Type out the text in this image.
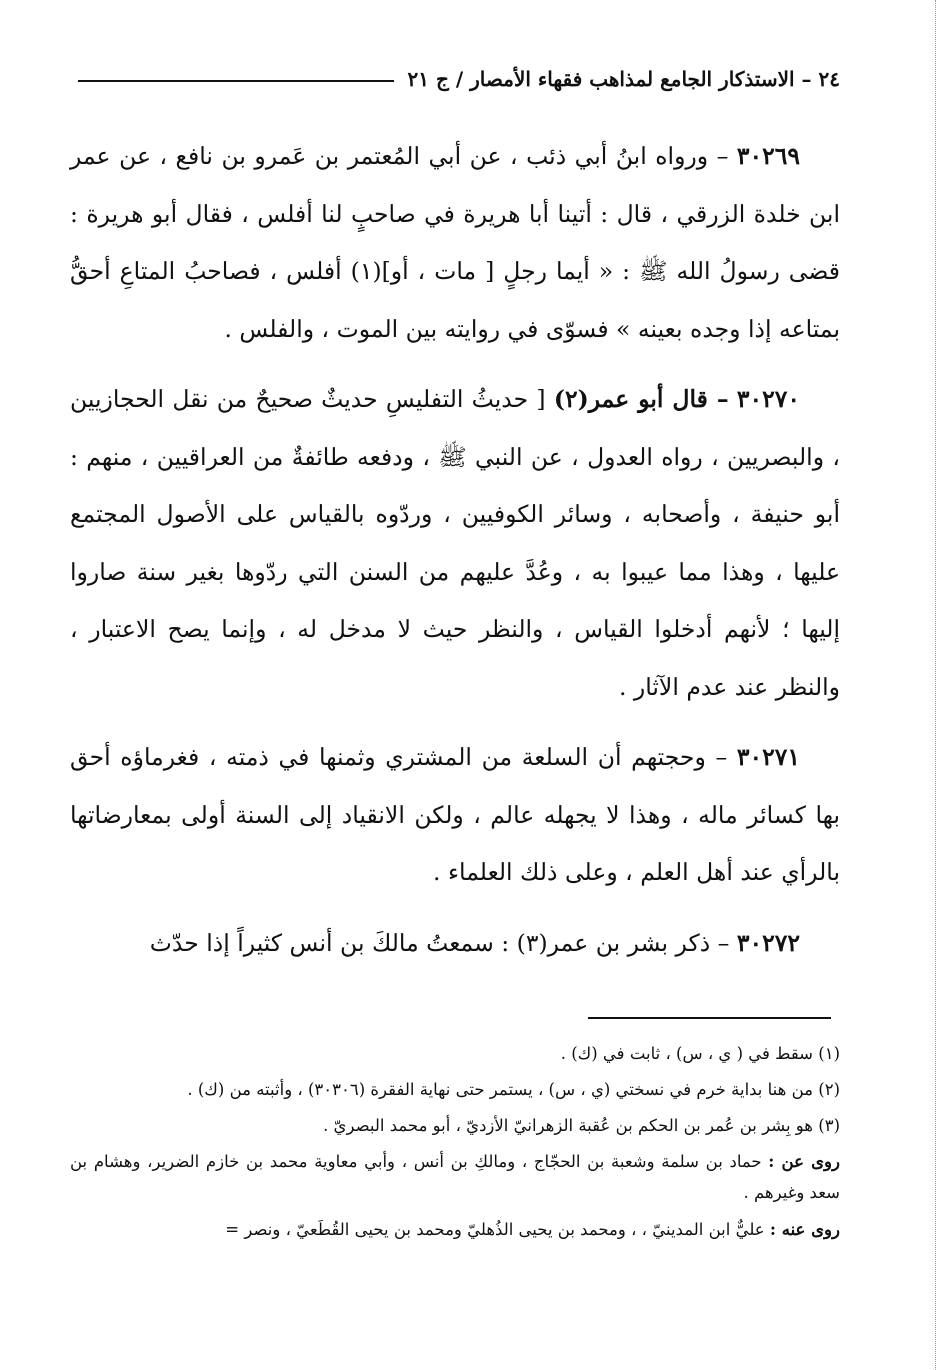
٢٤ – الاستذكار الجامع لمذاهب فقهاء الأمصار / ج ٢١

٣٠٢٦٩ – ورواه ابنُ أبي ذئب ، عن أبي المُعتمر بن عَمرو بن نافع ، عن عمر ابن خلدة الزرقي ، قال : أتينا أبا هريرة في صاحبٍ لنا أفلس ، فقال أبو هريرة : قضى رسولُ الله ﷺ : « أيما رجلٍ [ مات ، أو](١) أفلس ، فصاحبُ المتاعِ أحقُّ بمتاعه إذا وجده بعينه » فسوّى في روايته بين الموت ، والفلس .

٣٠٢٧٠ – قال أبو عمر(٢) [ حديثُ التفليسِ حديثٌ صحيحٌ من نقل الحجازيين ، والبصريين ، رواه العدول ، عن النبي ﷺ ، ودفعه طائفةٌ من العراقيين ، منهم : أبو حنيفة ، وأصحابه ، وسائر الكوفيين ، وردّوه بالقياس على الأصول المجتمع عليها ، وهذا مما عيبوا به ، وعُدَّ عليهم من السنن التي ردّوها بغير سنة صاروا إليها ؛ لأنهم أدخلوا القياس ، والنظر حيث لا مدخل له ، وإنما يصح الاعتبار ، والنظر عند عدم الآثار .

٣٠٢٧١ – وحجتهم أن السلعة من المشتري وثمنها في ذمته ، فغرماؤه أحق بها كسائر ماله ، وهذا لا يجهله عالم ، ولكن الانقياد إلى السنة أولى بمعارضاتها بالرأي عند أهل العلم ، وعلى ذلك العلماء .

٣٠٢٧٢ – ذكر بشر بن عمر(٣) : سمعتُ مالكَ بن أنس كثيراً إذا حدّث

(١) سقط في ( ي ، س) ، ثابت في (ك) .

(٢) من هنا بداية خرم في نسختي (ي ، س) ، يستمر حتى نهاية الفقرة (٣٠٣٠٦) ، وأثبته من (ك) .

(٣) هو بِشر بن عُمر بن الحكم بن عُقبة الزهرانيّ الأزديّ ، أبو محمد البصريّ .

روى عن : حماد بن سلمة وشعبة بن الحجّاج ، ومالكِ بن أنس ، وأبي معاوية محمد بن خازم الضرير، وهشام بن سعد وغيرهم .

روى عنه : عليٌّ ابن المدينيّ ، ، ومحمد بن يحيى الذُهليّ ومحمد بن يحيى القُطَعيّ ، ونصر =
